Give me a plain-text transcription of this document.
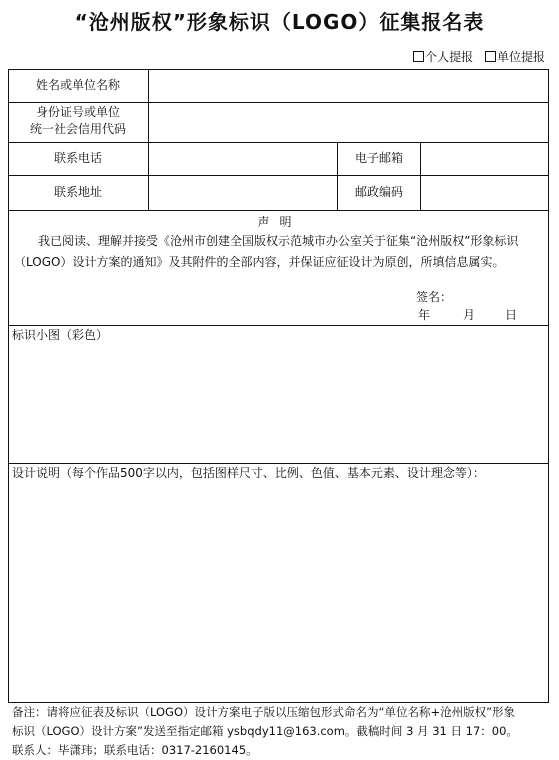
“沧州版权”形象标识（LOGO）征集报名表
个人提报 单位提报
姓名或单位名称
身份证号或单位
统一社会信用代码
联系电话	电子邮箱
联系地址	邮政编码
声明
我已阅读、理解并接受《沧州市创建全国版权示范城市办公室关于征集“沧州版权”形象标识（LOGO）设计方案的通知》及其附件的全部内容，并保证应征设计为原创，所填信息属实。
签名：
年	月 日
标识小图（彩色）
设计说明（每个作品500字以内，包括图样尺寸、比例、色值、基本元素、设计理念等）：
备注：请将应征表及标识（LOGO）设计方案电子版以压缩包形式命名为“单位名称+沧州版权”形象
标识（LOGO）设计方案”发送至指定邮箱 ysbqdy11@163.com。截稿时间 3 月 31 日 17：00。
联系人：毕潇玮；联系电话：0317-2160145。
